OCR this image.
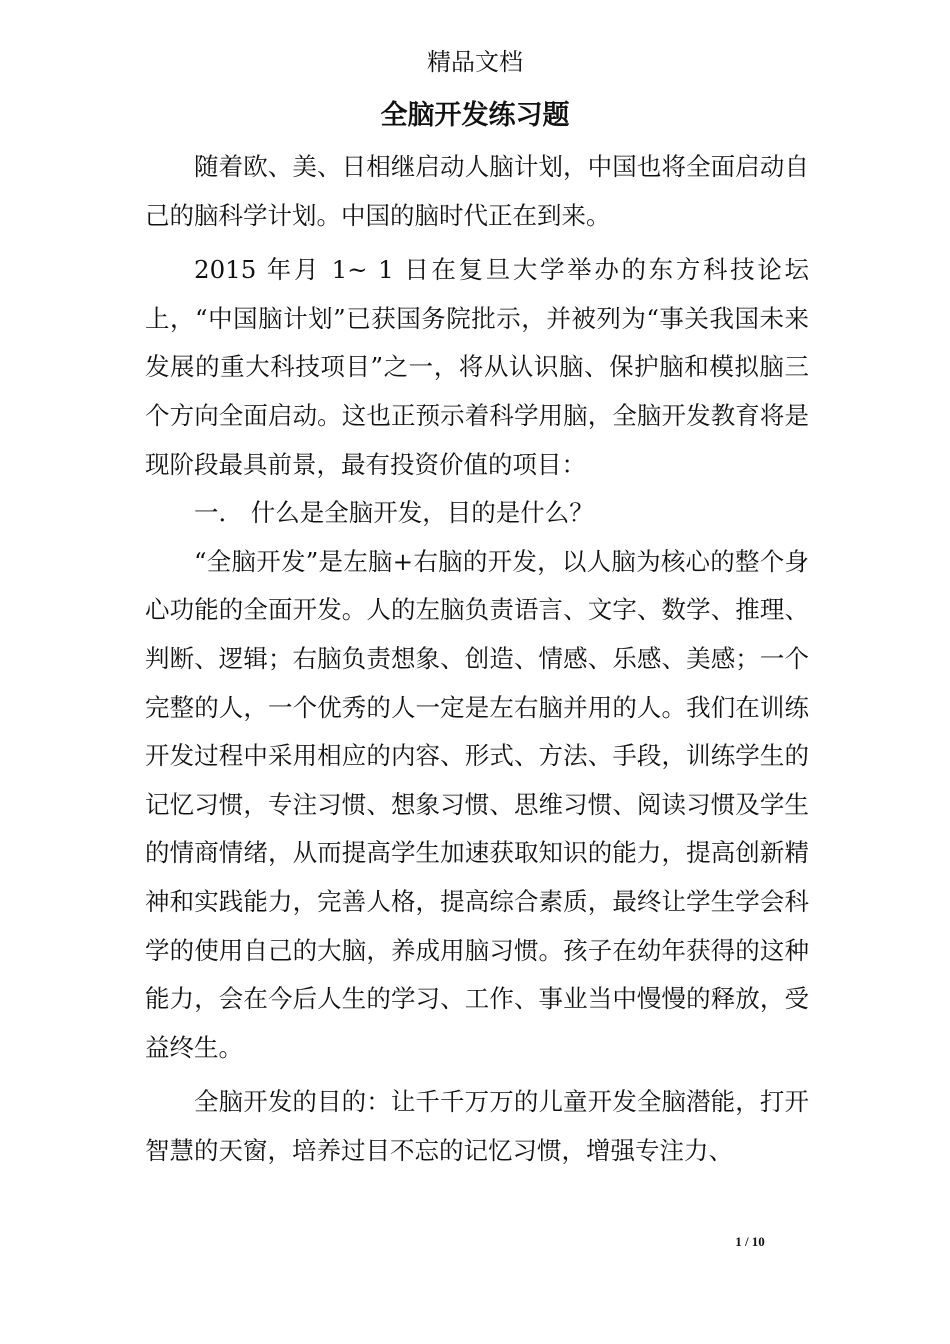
精品文档
全脑开发练习题

随着欧、美、日相继启动人脑计划，中国也将全面启动自己的脑科学计划。中国的脑时代正在到来。

2015 年月 1~ 1 日在复旦大学举办的东方科技论坛上，“中国脑计划”已获国务院批示，并被列为“事关我国未来发展的重大科技项目”之一，将从认识脑、保护脑和模拟脑三个方向全面启动。这也正预示着科学用脑，全脑开发教育将是现阶段最具前景，最有投资价值的项目：

一． 什么是全脑开发，目的是什么？

“全脑开发”是左脑+右脑的开发，以人脑为核心的整个身心功能的全面开发。人的左脑负责语言、文字、数学、推理、判断、逻辑；右脑负责想象、创造、情感、乐感、美感；一个完整的人，一个优秀的人一定是左右脑并用的人。我们在训练开发过程中采用相应的内容、形式、方法、手段，训练学生的记忆习惯，专注习惯、想象习惯、思维习惯、阅读习惯及学生的情商情绪，从而提高学生加速获取知识的能力，提高创新精神和实践能力，完善人格，提高综合素质，最终让学生学会科学的使用自己的大脑，养成用脑习惯。孩子在幼年获得的这种能力，会在今后人生的学习、工作、事业当中慢慢的释放，受益终生。

全脑开发的目的：让千千万万的儿童开发全脑潜能，打开智慧的天窗，培养过目不忘的记忆习惯，增强专注力、

1 / 10
